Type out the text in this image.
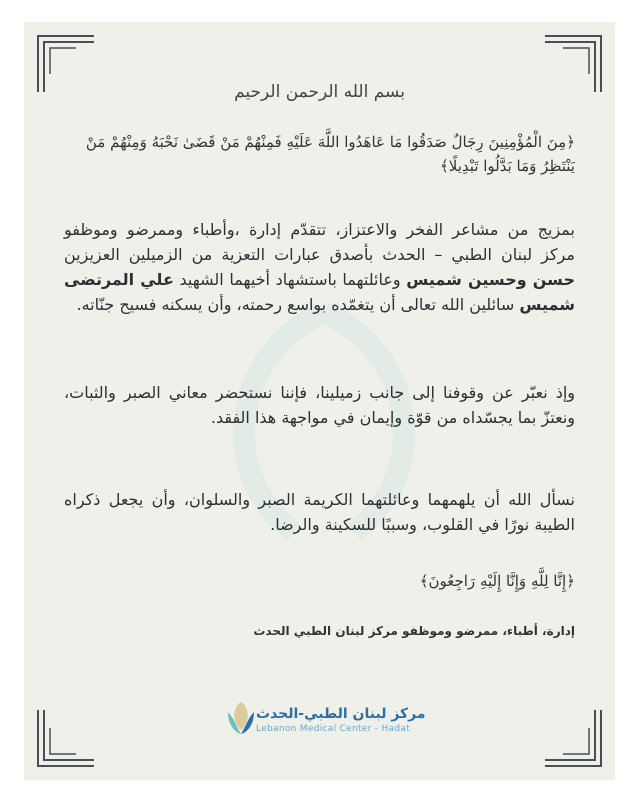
بسم الله الرحمن الرحيم
﴿مِنَ الْمُؤْمِنِينَ رِجَالٌ صَدَقُوا مَا عَاهَدُوا اللَّهَ عَلَيْهِ فَمِنْهُمْ مَنْ قَضَىٰ نَحْبَهُ وَمِنْهُمْ مَنْ يَنْتَظِرُ وَمَا بَدَّلُوا تَبْدِيلًا﴾
بمزيج من مشاعر الفخر والاعتزاز، تتقدّم إدارة ،وأطباء وممرضو وموظفو مركز لبنان الطبي – الحدث بأصدق عبارات التعزية من الزميلين العزيزين حسن وحسين شميس وعائلتهما باستشهاد أخيهما الشهيد علي المرتضى شميس سائلين الله تعالى أن يتغمّده بواسع رحمته، وأن يسكنه فسيح جنّاته.
وإذ نعبّر عن وقوفنا إلى جانب زميلينا، فإننا نستحضر معاني الصبر والثبات، ونعتزّ بما يجسّداه من قوّة وإيمان في مواجهة هذا الفقد.
نسأل الله أن يلهمهما وعائلتهما الكريمة الصبر والسلوان، وأن يجعل ذكراه الطيبة نورًا في القلوب، وسببًا للسكينة والرضا.
﴿إِنَّا لِلَّهِ وَإِنَّا إِلَيْهِ رَاجِعُونَ﴾
إدارة، أطباء، ممرضو وموظفو مركز لبنان الطبي الحدث
مركز لبنان الطبي-الحدث
Lebanon Medical Center - Hadat
